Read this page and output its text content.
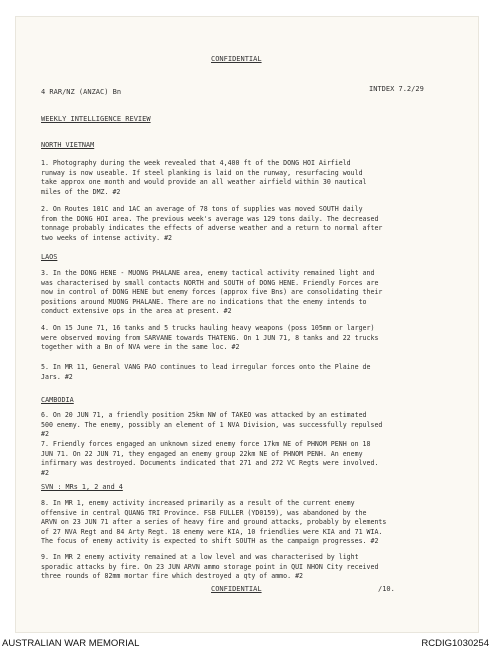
CONFIDENTIAL
4 RAR/NZ (ANZAC) Bn	INTDEX 7.2/29
WEEKLY INTELLIGENCE REVIEW
NORTH VIETNAM
1. Photography during the week revealed that 4,400 ft of the DONG HOI Airfield
runway is now useable. If steel planking is laid on the runway, resurfacing would
take approx one month and would provide an all weather airfield within 30 nautical
miles of the DMZ. #2
2. On Routes 101C and 1AC an average of 78 tons of supplies was moved SOUTH daily
from the DONG HOI area. The previous week's average was 129 tons daily. The decreased
tonnage probably indicates the effects of adverse weather and a return to normal after
two weeks of intense activity. #2
LAOS
3. In the DONG HENE - MUONG PHALANE area, enemy tactical activity remained light and
was characterised by small contacts NORTH and SOUTH of DONG HENE. Friendly Forces are
now in control of DONG HENE but enemy forces (approx five Bns) are consolidating their
positions around MUONG PHALANE. There are no indications that the enemy intends to
conduct extensive ops in the area at present. #2
4. On 15 June 71, 16 tanks and 5 trucks hauling heavy weapons (poss 105mm or larger)
were observed moving from SARVANE towards THATENG. On 1 JUN 71, 8 tanks and 22 trucks
together with a Bn of NVA were in the same loc. #2
5. In MR 11, General VANG PAO continues to lead irregular forces onto the Plaine de
Jars. #2
CAMBODIA
6. On 20 JUN 71, a friendly position 25km NW of TAKEO was attacked by an estimated
500 enemy. The enemy, possibly an element of 1 NVA Division, was successfully repulsed
#2
7. Friendly forces engaged an unknown sized enemy force 17km NE of PHNOM PENH on 18
JUN 71. On 22 JUN 71, they engaged an enemy group 22km NE of PHNOM PENH. An enemy
infirmary was destroyed. Documents indicated that 271 and 272 VC Regts were involved.
#2
SVN : MRs 1, 2 and 4
8. In MR 1, enemy activity increased primarily as a result of the current enemy
offensive in central QUANG TRI Province. FSB FULLER (YD0159), was abandoned by the
ARVN on 23 JUN 71 after a series of heavy fire and ground attacks, probably by elements
of 27 NVA Regt and 84 Arty Regt. 18 enemy were KIA, 10 friendlies were KIA and 71 WIA.
The focus of enemy activity is expected to shift SOUTH as the campaign progresses. #2
9. In MR 2 enemy activity remained at a low level and was characterised by light
sporadic attacks by fire. On 23 JUN ARVN ammo storage point in QUI NHON City received
three rounds of 82mm mortar fire which destroyed a qty of ammo. #2
CONFIDENTIAL	/10.
AUSTRALIAN WAR MEMORIAL	RCDIG1030254
